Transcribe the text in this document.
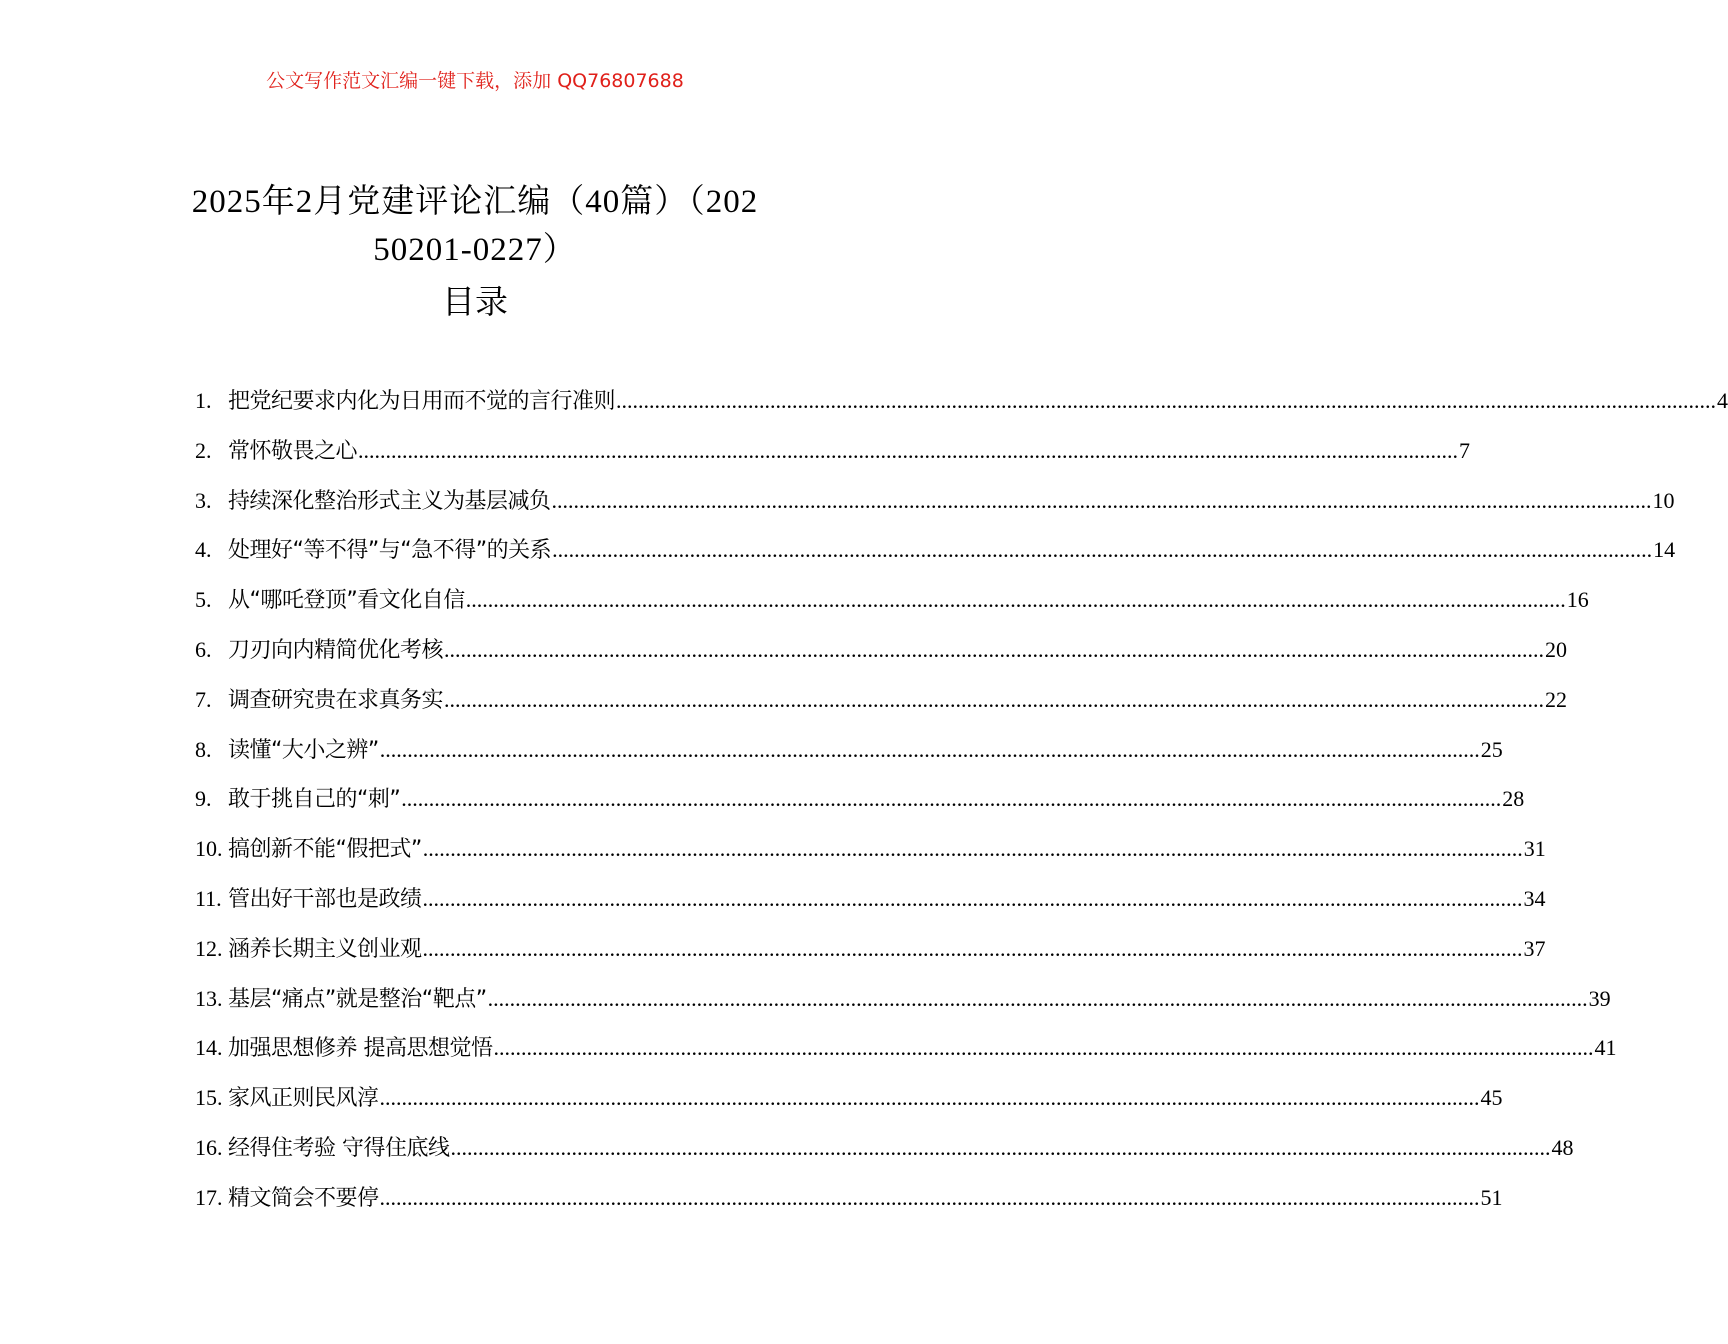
公文写作范文汇编一键下载，添加 QQ76807688
2025年2月党建评论汇编（40篇）（202
50201-0227）
目录
1. 把党纪要求内化为日用而不觉的言行准则 ........................................................................................................................................................................................................ 4
2. 常怀敬畏之心 ........................................................................................................................................................................................................ 7
3. 持续深化整治形式主义为基层减负 ........................................................................................................................................................................................................ 10
4. 处理好“等不得”与“急不得”的关系 ........................................................................................................................................................................................................ 14
5. 从“哪吒登顶”看文化自信 ........................................................................................................................................................................................................ 16
6. 刀刃向内精简优化考核 ........................................................................................................................................................................................................ 20
7. 调查研究贵在求真务实 ........................................................................................................................................................................................................ 22
8. 读懂“大小之辨” ........................................................................................................................................................................................................ 25
9. 敢于挑自己的“刺” ........................................................................................................................................................................................................ 28
10. 搞创新不能“假把式” ........................................................................................................................................................................................................ 31
11. 管出好干部也是政绩 ........................................................................................................................................................................................................ 34
12. 涵养长期主义创业观 ........................................................................................................................................................................................................ 37
13. 基层“痛点”就是整治“靶点” ........................................................................................................................................................................................................ 39
14. 加强思想修养 提高思想觉悟 ........................................................................................................................................................................................................ 41
15. 家风正则民风淳 ........................................................................................................................................................................................................ 45
16. 经得住考验 守得住底线 ........................................................................................................................................................................................................ 48
17. 精文简会不要停 ........................................................................................................................................................................................................ 51
